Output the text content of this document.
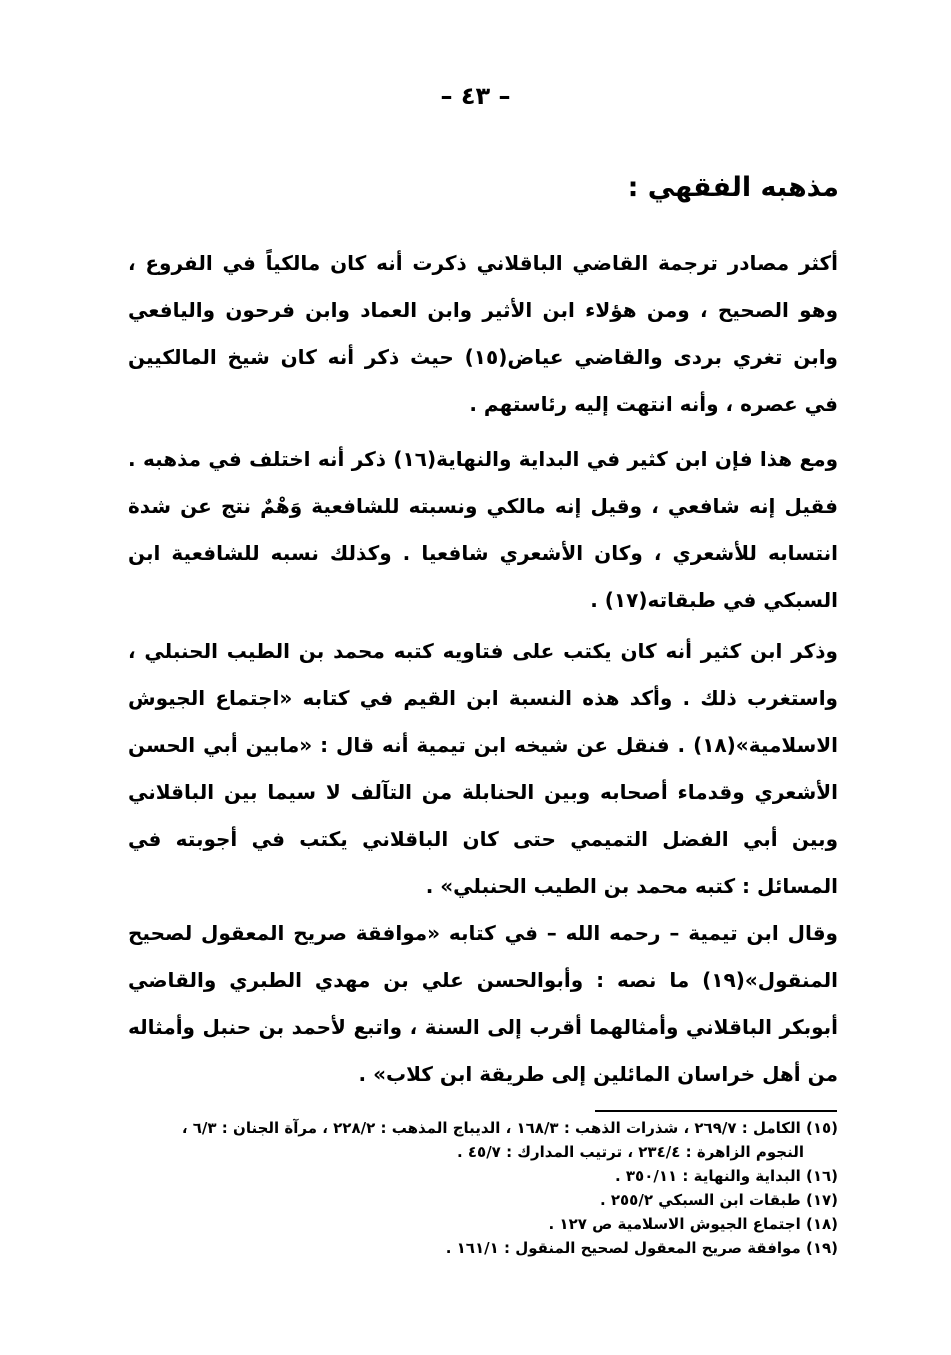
– ٤٣ –
مذهبه الفقهي :

أكثر مصادر ترجمة القاضي الباقلاني ذكرت أنه كان مالكياً في الفروع ، وهو الصحيح ، ومن هؤلاء ابن الأثير وابن العماد وابن فرحون واليافعي وابن تغري بردى والقاضي عياض(١٥) حيث ذكر أنه كان شيخ المالكيين في عصره ، وأنه انتهت إليه رئاستهم .

ومع هذا فإن ابن كثير في البداية والنهاية(١٦) ذكر أنه اختلف في مذهبه . فقيل إنه شافعي ، وقيل إنه مالكي ونسبته للشافعية وَهْمٌ نتج عن شدة انتسابه للأشعري ، وكان الأشعري شافعيا . وكذلك نسبه للشافعية ابن السبكي في طبقاته(١٧) .

وذكر ابن كثير أنه كان يكتب على فتاويه كتبه محمد بن الطيب الحنبلي ، واستغرب ذلك . وأكد هذه النسبة ابن القيم في كتابه «اجتماع الجيوش الاسلامية»(١٨) . فنقل عن شيخه ابن تيمية أنه قال : «مابين أبي الحسن الأشعري وقدماء أصحابه وبين الحنابلة من التآلف لا سيما بين الباقلاني وبين أبي الفضل التميمي حتى كان الباقلاني يكتب في أجوبته في المسائل : كتبه محمد بن الطيب الحنبلي» .

وقال ابن تيمية – رحمه الله – في كتابه «موافقة صريح المعقول لصحيح المنقول»(١٩) ما نصه : وأبوالحسن علي بن مهدي الطبري والقاضي أبوبكر الباقلاني وأمثالهما أقرب إلى السنة ، واتبع لأحمد بن حنبل وأمثاله من أهل خراسان المائلين إلى طريقة ابن كلاب» .

(١٥) الكامل : ٢٦٩/٧ ، شذرات الذهب : ١٦٨/٣ ، الديباج المذهب : ٢٢٨/٢ ، مرآة الجنان : ٦/٣ ،
النجوم الزاهرة : ٢٣٤/٤ ، ترتيب المدارك : ٤٥/٧ .
(١٦) البداية والنهاية : ٣٥٠/١١ .
(١٧) طبقات ابن السبكي ٢٥٥/٢ .
(١٨) اجتماع الجيوش الاسلامية ص ١٢٧ .
(١٩) موافقة صريح المعقول لصحيح المنقول : ١٦١/١ .
